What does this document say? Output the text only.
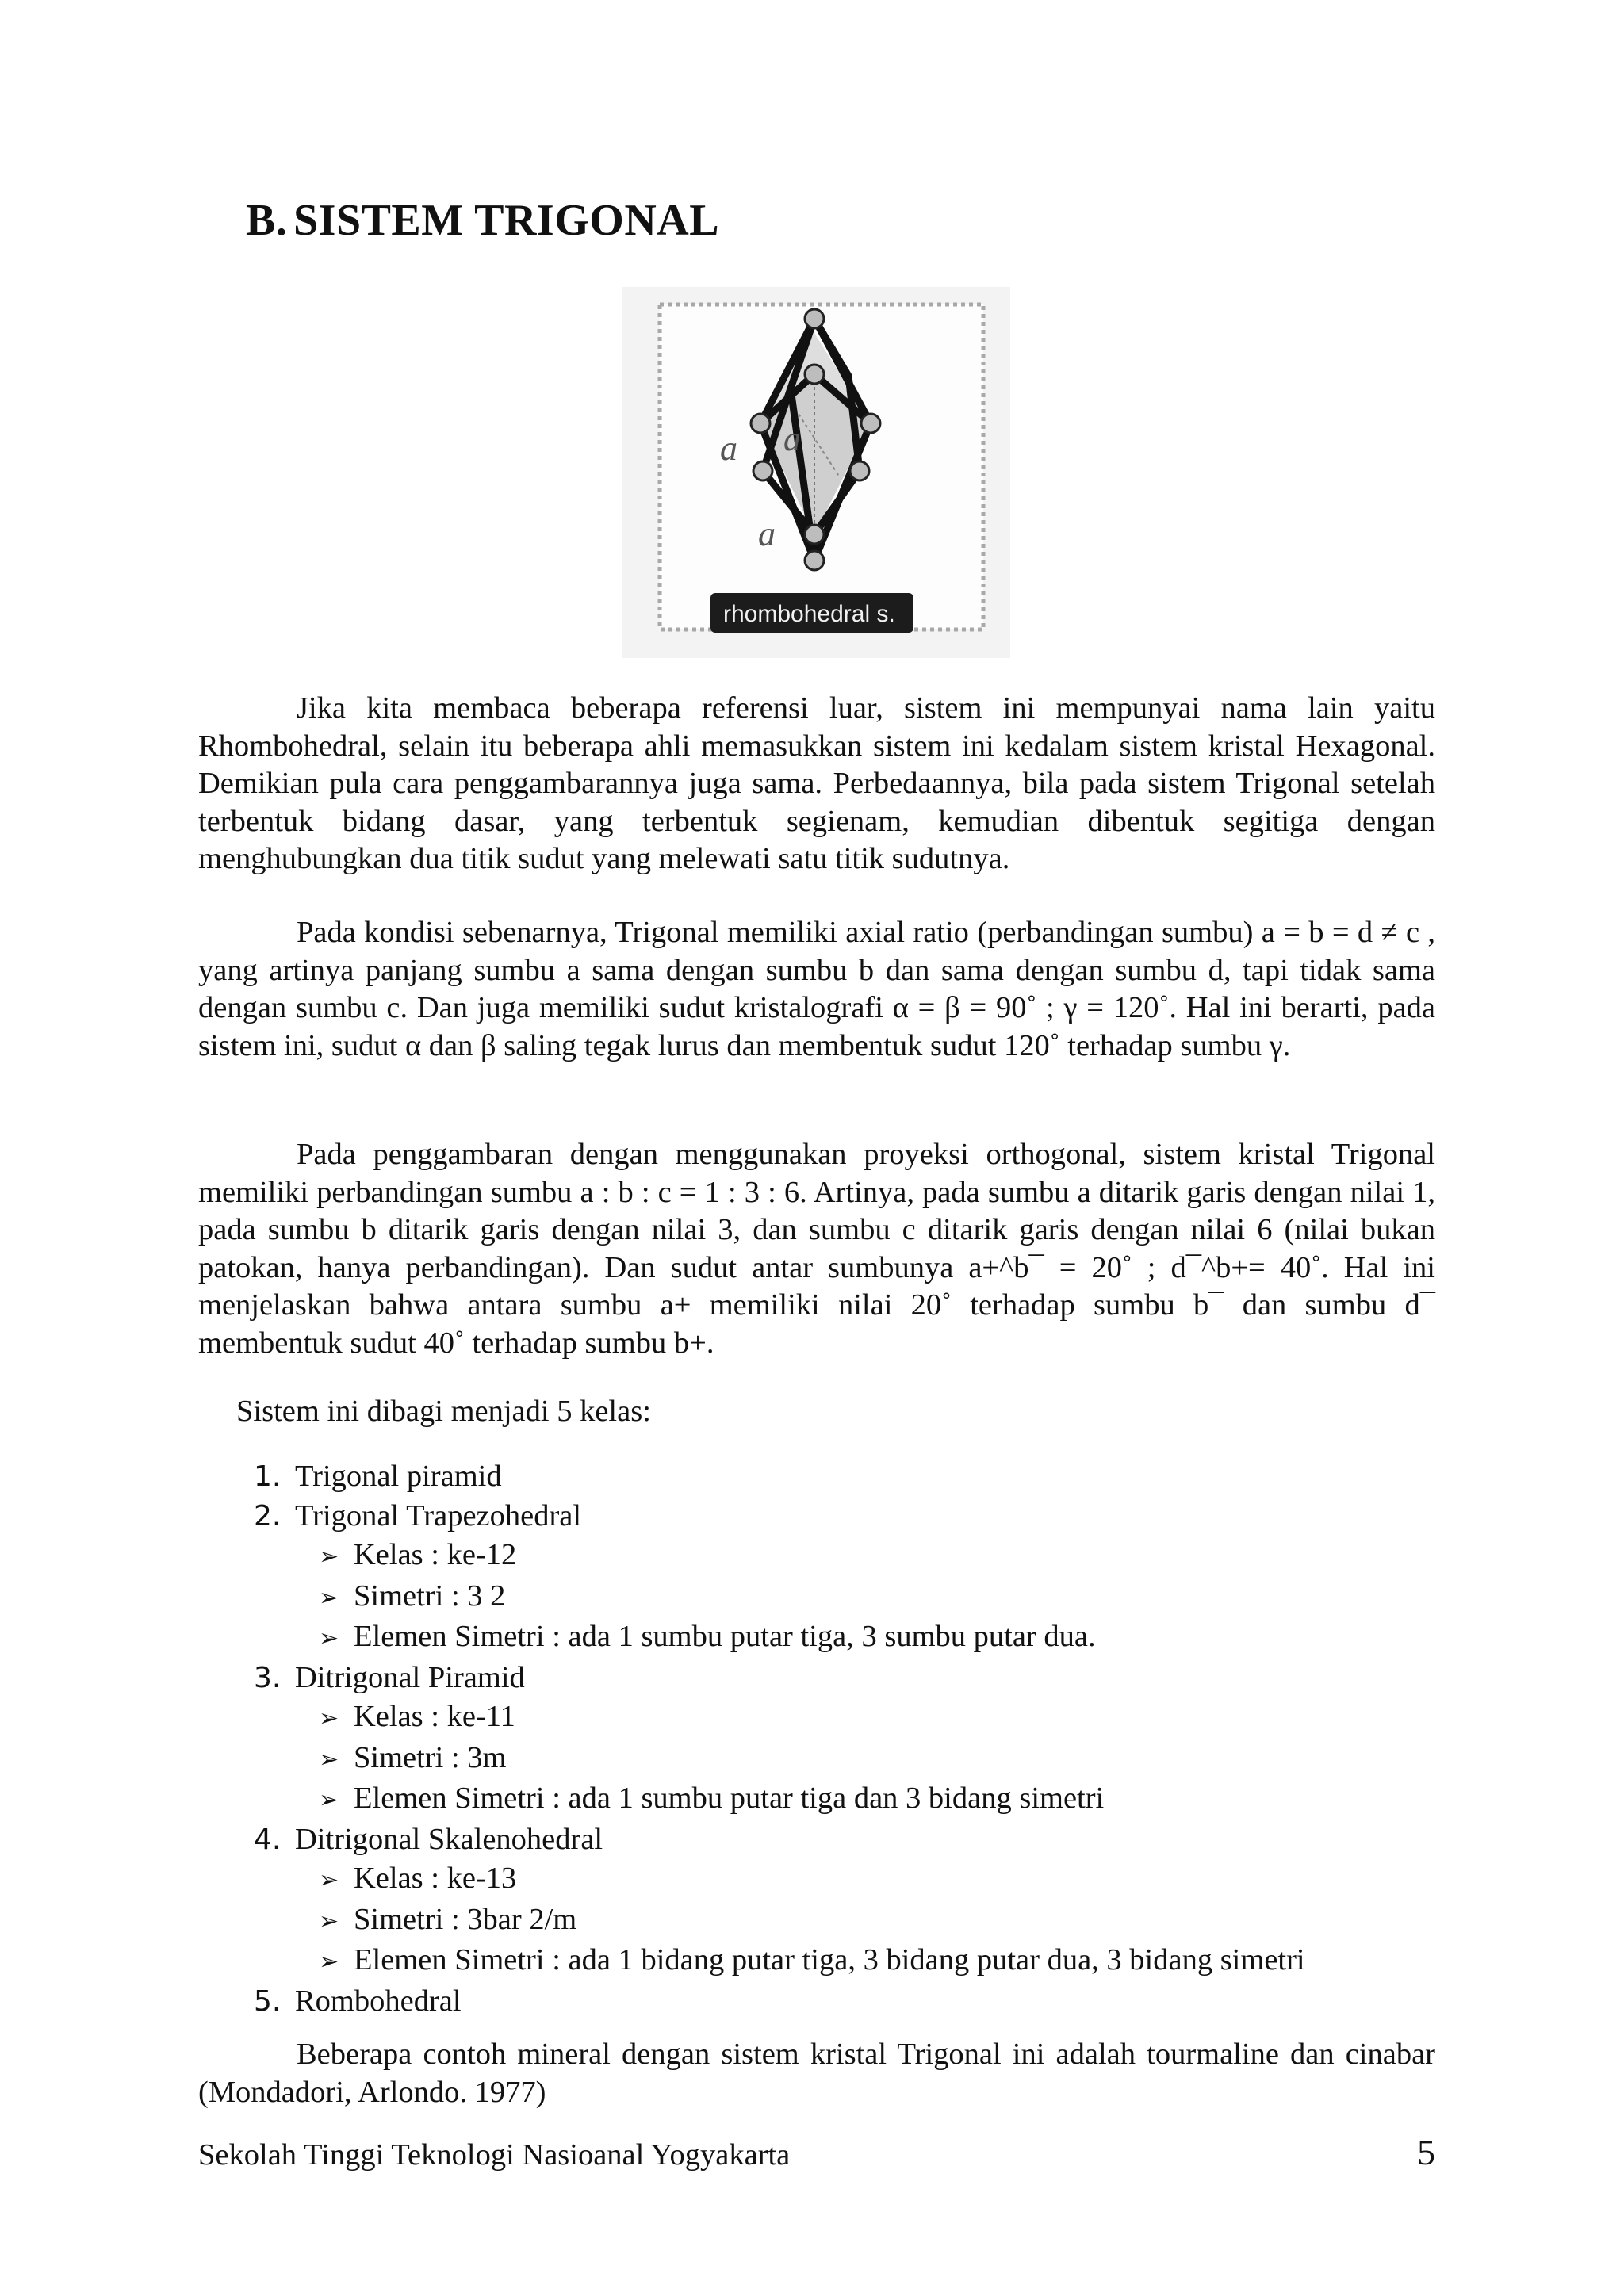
B. SISTEM TRIGONAL
a a
a
rhombohedral s.

Jika kita membaca beberapa referensi luar, sistem ini mempunyai nama lain yaitu Rhombohedral, selain itu beberapa ahli memasukkan sistem ini kedalam sistem kristal Hexagonal. Demikian pula cara penggambarannya juga sama. Perbedaannya, bila pada sistem Trigonal setelah terbentuk bidang dasar, yang terbentuk segienam, kemudian dibentuk segitiga dengan menghubungkan dua titik sudut yang melewati satu titik sudutnya.

Pada kondisi sebenarnya, Trigonal memiliki axial ratio (perbandingan sumbu) a = b = d ≠ c , yang artinya panjang sumbu a sama dengan sumbu b dan sama dengan sumbu d, tapi tidak sama dengan sumbu c. Dan juga memiliki sudut kristalografi α = β = 90˚ ; γ = 120˚. Hal ini berarti, pada sistem ini, sudut α dan β saling tegak lurus dan membentuk sudut 120˚ terhadap sumbu γ.

Pada penggambaran dengan menggunakan proyeksi orthogonal, sistem kristal Trigonal memiliki perbandingan sumbu a : b : c = 1 : 3 : 6. Artinya, pada sumbu a ditarik garis dengan nilai 1, pada sumbu b ditarik garis dengan nilai 3, dan sumbu c ditarik garis dengan nilai 6 (nilai bukan patokan, hanya perbandingan). Dan sudut antar sumbunya a+^b¯ = 20˚ ; d¯^b+= 40˚. Hal ini menjelaskan bahwa antara sumbu a+ memiliki nilai 20˚ terhadap sumbu b¯ dan sumbu d¯ membentuk sudut 40˚ terhadap sumbu b+.

Sistem ini dibagi menjadi 5 kelas:

1. Trigonal piramid
2. Trigonal Trapezohedral
➢ Kelas : ke-12
➢ Simetri : 3 2
➢ Elemen Simetri : ada 1 sumbu putar tiga, 3 sumbu putar dua.
3. Ditrigonal Piramid
➢ Kelas : ke-11
➢ Simetri : 3m
➢ Elemen Simetri : ada 1 sumbu putar tiga dan 3 bidang simetri
4. Ditrigonal Skalenohedral
➢ Kelas : ke-13
➢ Simetri : 3bar 2/m
➢ Elemen Simetri : ada 1 bidang putar tiga, 3 bidang putar dua, 3 bidang simetri
5. Rombohedral

Beberapa contoh mineral dengan sistem kristal Trigonal ini adalah tourmaline dan cinabar (Mondadori, Arlondo. 1977)

Sekolah Tinggi Teknologi Nasioanal Yogyakarta	5
